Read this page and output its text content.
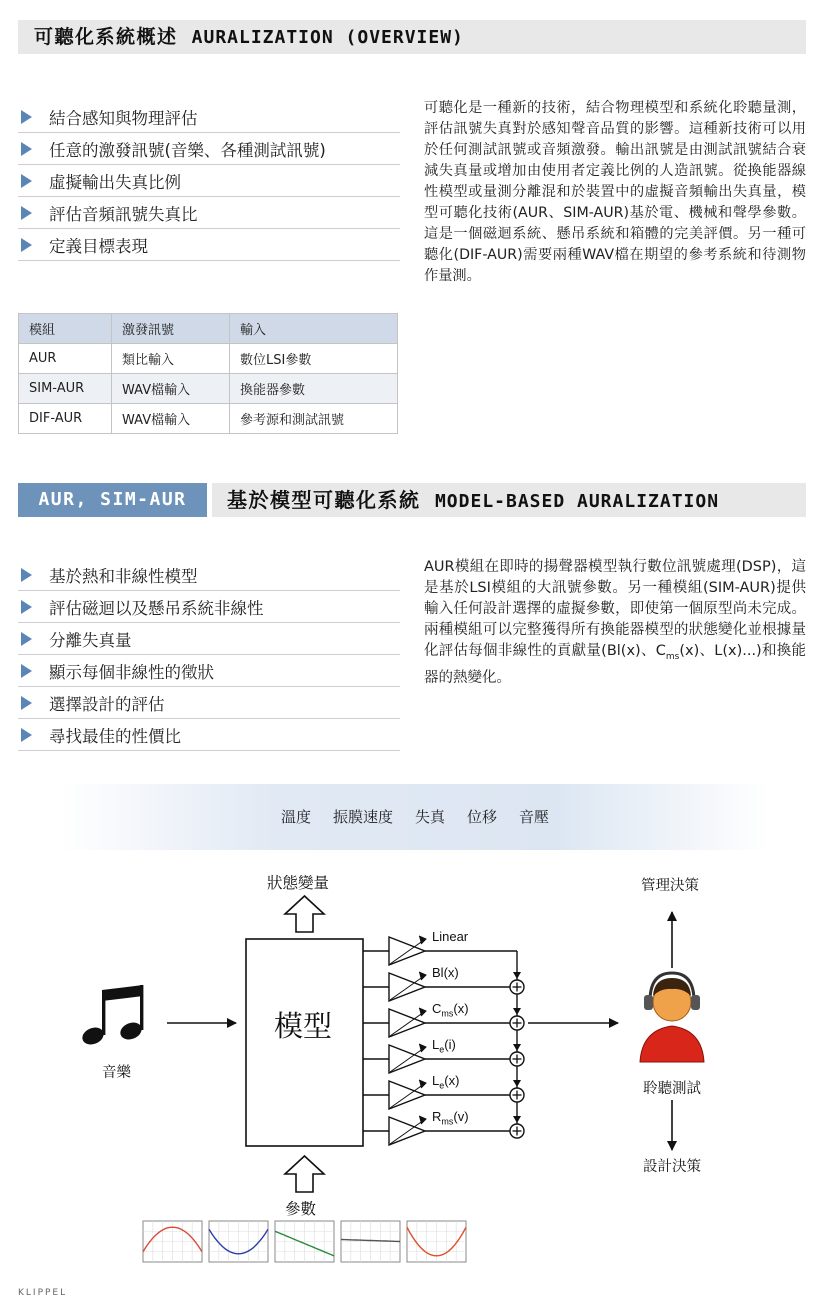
可聽化系統概述 AURALIZATION (OVERVIEW)
結合感知與物理評估
任意的激發訊號(音樂、各種測試訊號)
虛擬輸出失真比例
評估音頻訊號失真比
定義目標表現
可聽化是一種新的技術，結合物理模型和系統化聆聽量測，評估訊號失真對於感知聲音品質的影響。這種新技術可以用於任何測試訊號或音頻激發。輸出訊號是由測試訊號結合衰減失真量或增加由使用者定義比例的人造訊號。從換能器線性模型或量測分離混和於裝置中的虛擬音頻輸出失真量，模型可聽化技術(AUR、SIM-AUR)基於電、機械和聲學參數。這是一個磁迴系統、懸吊系統和箱體的完美評價。另一種可聽化(DIF-AUR)需要兩種WAV檔在期望的參考系統和待測物作量測。
模組	激發訊號	輸入
AUR	類比輸入	數位LSI參數
SIM-AUR	WAV檔輸入	換能器參數
DIF-AUR	WAV檔輸入	參考源和測試訊號
AUR, SIM-AUR	基於模型可聽化系統 MODEL-BASED AURALIZATION
基於熱和非線性模型
評估磁迴以及懸吊系統非線性
分離失真量
顯示每個非線性的徵狀
選擇設計的評估
尋找最佳的性價比
AUR模組在即時的揚聲器模型執行數位訊號處理(DSP)，這是基於LSI模組的大訊號參數。另一種模組(SIM-AUR)提供輸入任何設計選擇的虛擬參數，即使第一個原型尚未完成。兩種模組可以完整獲得所有換能器模型的狀態變化並根據量化評估每個非線性的貢獻量(Bl(x)、$C_{ms}(x)$、L(x)...)和換能器的熱變化。
溫度 振膜速度 失真 位移 音壓
狀態變量
模型
音樂
參數
管理決策
聆聽測試
設計決策
Linear
Bl(x)
$C_{ms}(x)$
$L_e(i)$
$L_e(x)$
$R_{ms}(v)$
KLIPPEL
